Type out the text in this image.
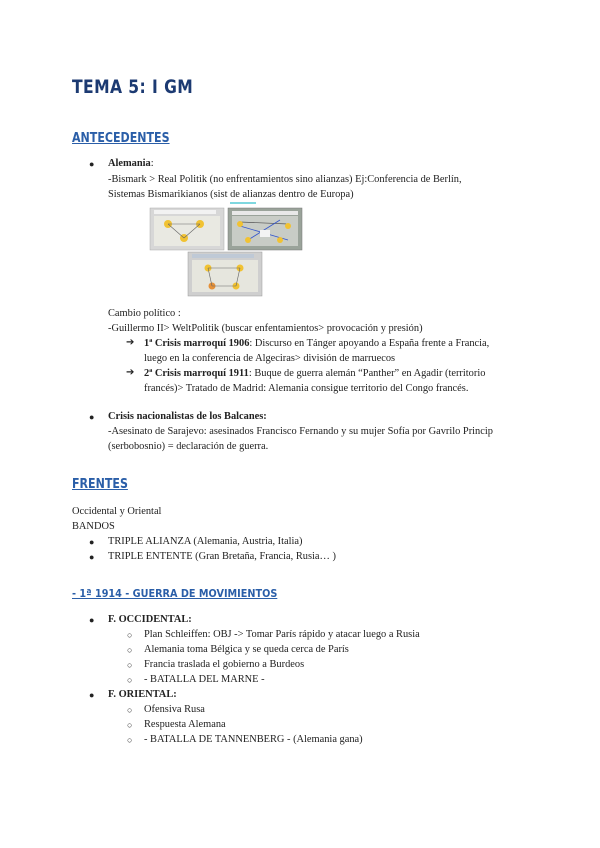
TEMA 5: I GM
ANTECEDENTES
● Alemania:
-Bismark > Real Politik (no enfrentamientos sino alianzas) Ej:Conferencia de Berlín,
Sistemas Bismarikianos (sist de alianzas dentro de Europa)
Cambio político :
-Guillermo II> WeltPolitik (buscar enfentamientos> provocación y presión)
➔ 1ª Crisis marroquí 1906: Discurso en Tánger apoyando a España frente a Francia,
luego en la conferencia de Algeciras> división de marruecos
➔ 2ª Crisis marroquí 1911: Buque de guerra alemán “Panther” en Agadir (territorio
francés)> Tratado de Madrid: Alemania consigue territorio del Congo francés.
● Crisis nacionalistas de los Balcanes:
-Asesinato de Sarajevo: asesinados Francisco Fernando y su mujer Sofía por Gavrilo Princip
(serbobosnio) = declaración de guerra.
FRENTES
Occidental y Oriental
BANDOS
● TRIPLE ALIANZA (Alemania, Austria, Italia)
● TRIPLE ENTENTE (Gran Bretaña, Francia, Rusia… )
- 1ª 1914 - GUERRA DE MOVIMIENTOS
● F. OCCIDENTAL:
○ Plan Schleiffen: OBJ -> Tomar París rápido y atacar luego a Rusia
○ Alemania toma Bélgica y se queda cerca de París
○ Francia traslada el gobierno a Burdeos
○ - BATALLA DEL MARNE -
● F. ORIENTAL:
○ Ofensiva Rusa
○ Respuesta Alemana
○ - BATALLA DE TANNENBERG - (Alemania gana)
